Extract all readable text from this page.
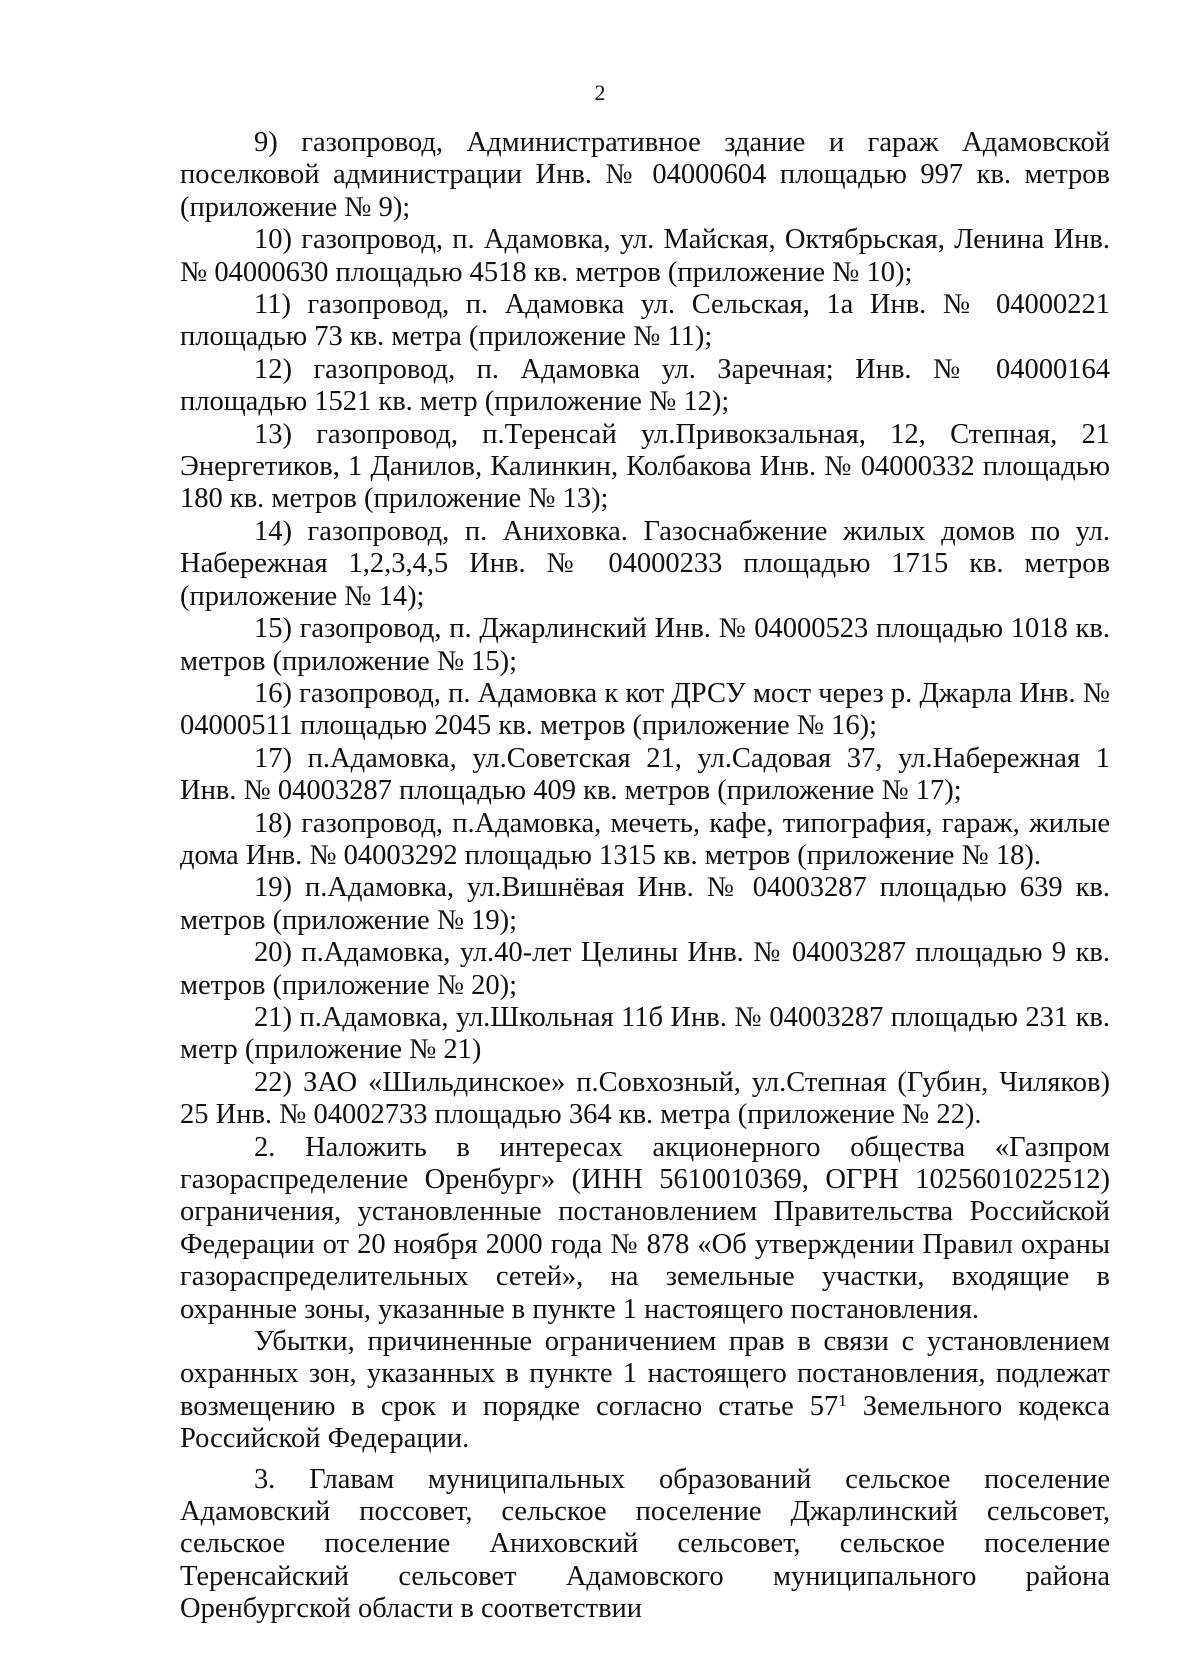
2

9) газопровод, Административное здание и гараж Адамовской поселковой администрации Инв. № 04000604 площадью 997 кв. метров (приложение № 9);

10) газопровод, п. Адамовка, ул. Майская, Октябрьская, Ленина Инв. № 04000630 площадью 4518 кв. метров (приложение № 10);

11) газопровод, п. Адамовка ул. Сельская, 1а Инв. № 04000221 площадью 73 кв. метра (приложение № 11);

12) газопровод, п. Адамовка ул. Заречная; Инв. № 04000164 площадью 1521 кв. метр (приложение № 12);

13) газопровод, п.Теренсай ул.Привокзальная, 12, Степная, 21 Энергетиков, 1 Данилов, Калинкин, Колбакова Инв. № 04000332 площадью 180 кв. метров (приложение № 13);

14) газопровод, п. Аниховка. Газоснабжение жилых домов по ул. Набережная 1,2,3,4,5 Инв. № 04000233 площадью 1715 кв. метров (приложение № 14);

15) газопровод, п. Джарлинский Инв. № 04000523 площадью 1018 кв. метров (приложение № 15);

16) газопровод, п. Адамовка к кот ДРСУ мост через р. Джарла Инв. № 04000511 площадью 2045 кв. метров (приложение № 16);

17) п.Адамовка, ул.Советская 21, ул.Садовая 37, ул.Набережная 1 Инв. № 04003287 площадью 409 кв. метров (приложение № 17);

18) газопровод, п.Адамовка, мечеть, кафе, типография, гараж, жилые дома Инв. № 04003292 площадью 1315 кв. метров (приложение № 18).

19) п.Адамовка, ул.Вишнёвая Инв. № 04003287 площадью 639 кв. метров (приложение № 19);

20) п.Адамовка, ул.40-лет Целины Инв. № 04003287 площадью 9 кв. метров (приложение № 20);

21) п.Адамовка, ул.Школьная 11б Инв. № 04003287 площадью 231 кв. метр (приложение № 21)

22) ЗАО «Шильдинское» п.Совхозный, ул.Степная (Губин, Чиляков) 25 Инв. № 04002733 площадью 364 кв. метра (приложение № 22).

2. Наложить в интересах акционерного общества «Газпром газораспределение Оренбург» (ИНН 5610010369, ОГРН 1025601022512) ограничения, установленные постановлением Правительства Российской Федерации от 20 ноября 2000 года № 878 «Об утверждении Правил охраны газораспределительных сетей», на земельные участки, входящие в охранные зоны, указанные в пункте 1 настоящего постановления.

Убытки, причиненные ограничением прав в связи с установлением охранных зон, указанных в пункте 1 настоящего постановления, подлежат возмещению в срок и порядке согласно статье $57^1$ Земельного кодекса Российской Федерации.

3. Главам муниципальных образований сельское поселение Адамовский поссовет, сельское поселение Джарлинский сельсовет, сельское поселение Аниховский сельсовет, сельское поселение Теренсайский сельсовет Адамовского муниципального района Оренбургской области в соответствии
